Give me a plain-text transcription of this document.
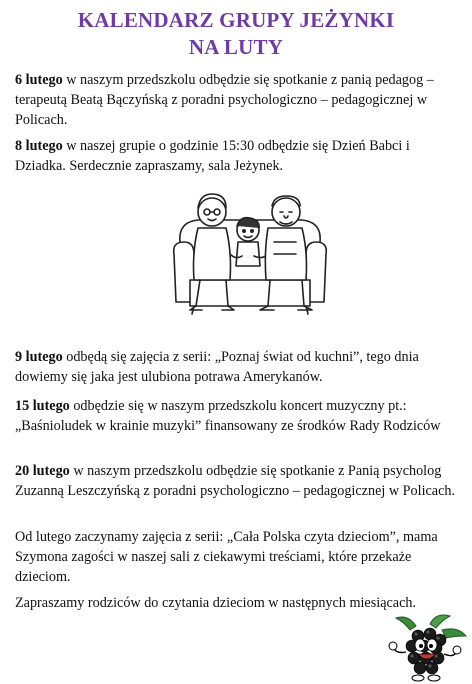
KALENDARZ GRUPY JEŻYNKI
NA LUTY
6 lutego w naszym przedszkolu odbędzie się spotkanie z panią pedagog – terapeutą Beatą Bączyńską z poradni psychologiczno – pedagogicznej w Policach.
8 lutego w naszej grupie o godzinie 15:30 odbędzie się Dzień Babci i Dziadka. Serdecznie zapraszamy, sala Jeżynek.
9 lutego odbędą się zajęcia z serii: „Poznaj świat od kuchni”, tego dnia dowiemy się jaka jest ulubiona potrawa Amerykanów.
15 lutego odbędzie się w naszym przedszkolu koncert muzyczny pt.: „Baśnioludek w krainie muzyki” finansowany ze środków Rady Rodziców
20 lutego w naszym przedszkolu odbędzie się spotkanie z Panią psycholog Zuzanną Leszczyńską z poradni psychologiczno – pedagogicznej w Policach.
Od lutego zaczynamy zajęcia z serii: „Cała Polska czyta dzieciom”, mama Szymona zagości w naszej sali z ciekawymi treściami, które przekaże dzieciom.
Zapraszamy rodziców do czytania dzieciom w następnych miesiącach.
